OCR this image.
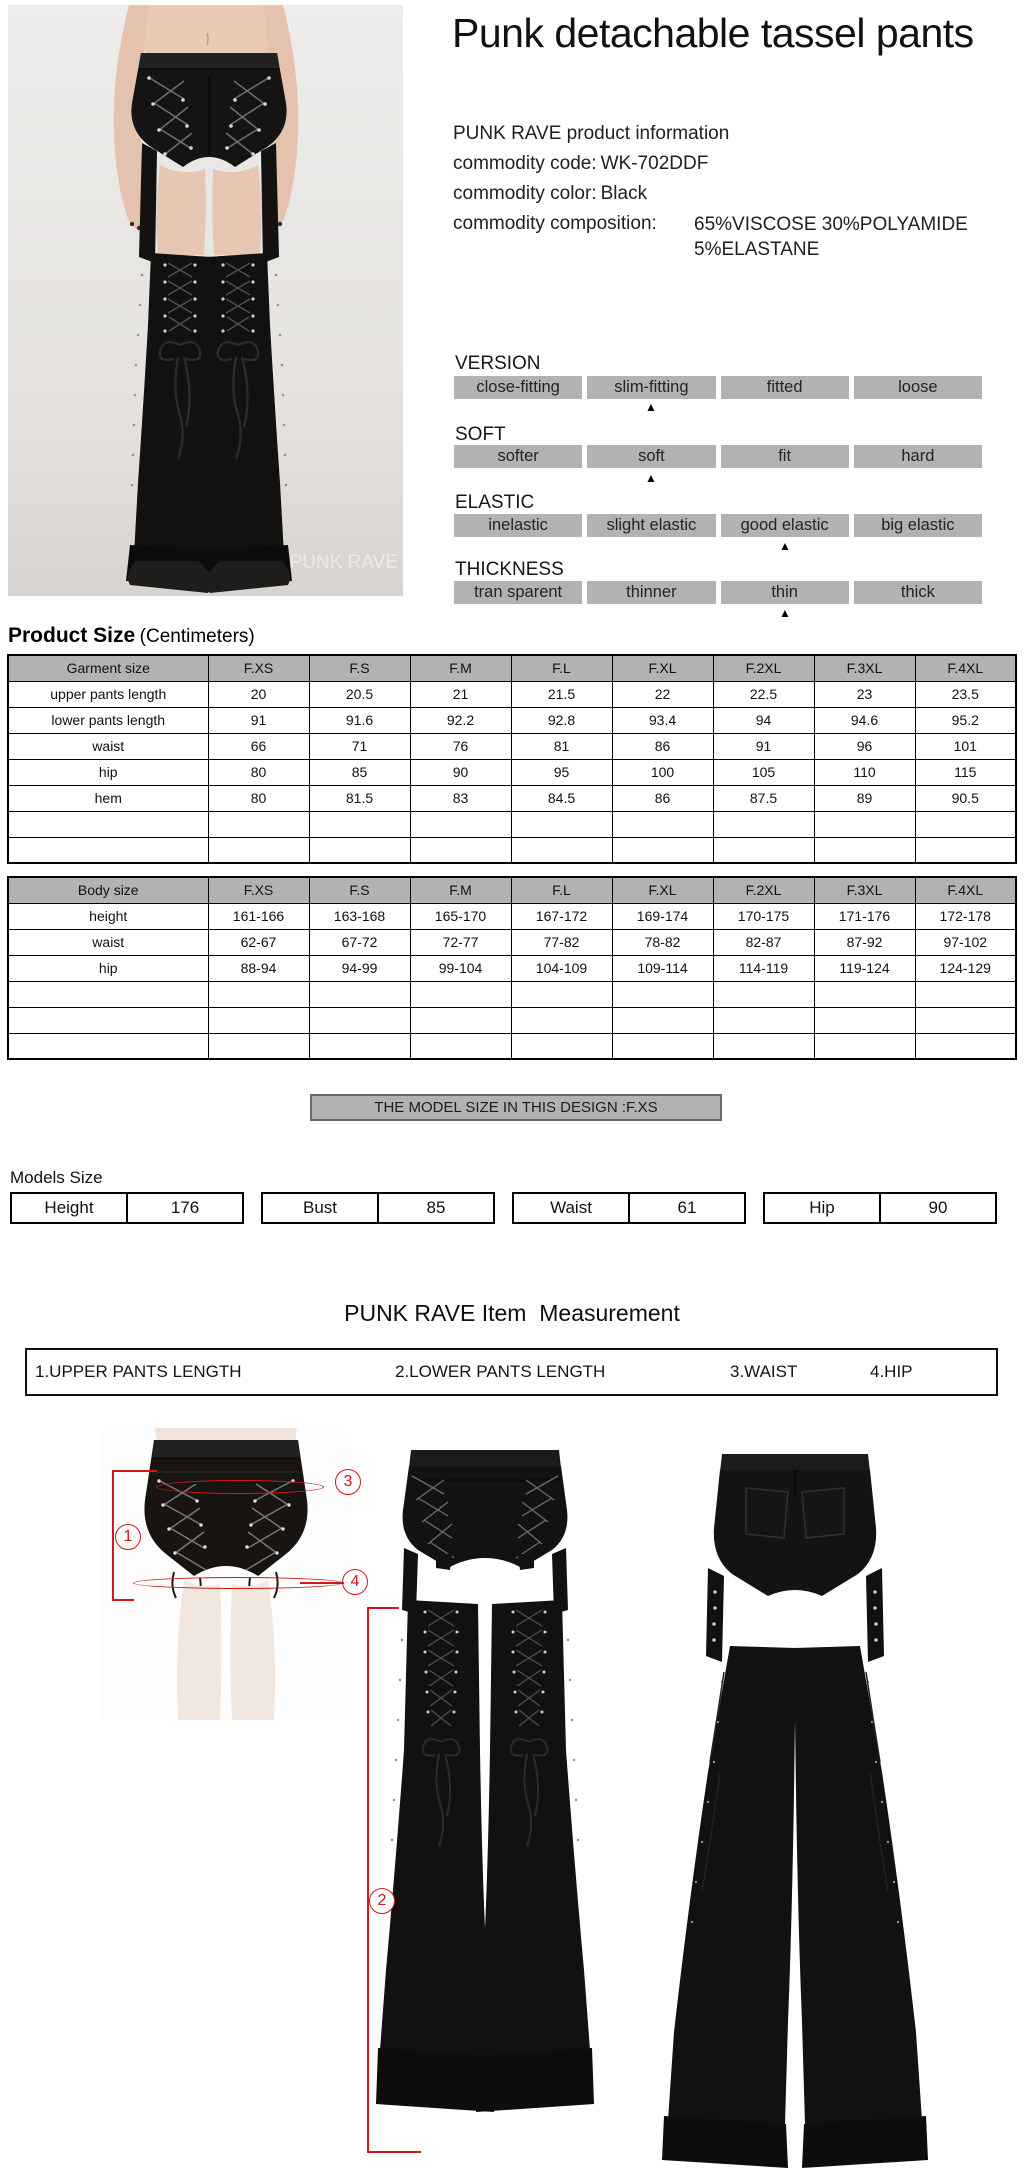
PUNK RAVE
Punk detachable tassel pants
PUNK RAVE product information
commodity code: WK-702DDF
commodity color: Black
commodity composition: 65%VISCOSE 30%POLYAMIDE
5%ELASTANE
VERSION
close-fitting	slim-fitting	fitted	loose
▲
SOFT
softer	soft	fit	hard
▲
ELASTIC
inelastic	slight elastic	good elastic	big elastic
▲
THICKNESS
tran sparent	thinner	thin	thick
▲
Product Size (Centimeters)
Garment size	F.XS	F.S	F.M	F.L	F.XL	F.2XL	F.3XL	F.4XL
upper pants length	20	20.5	21	21.5	22	22.5	23	23.5
lower pants length	91	91.6	92.2	92.8	93.4	94	94.6	95.2
waist	66	71	76	81	86	91	96	101
hip	80	85	90	95	100	105	110	115
hem	80	81.5	83	84.5	86	87.5	89	90.5

Body size	F.XS	F.S	F.M	F.L	F.XL	F.2XL	F.3XL	F.4XL
height	161-166	163-168	165-170	167-172	169-174	170-175	171-176	172-178
waist	62-67	67-72	72-77	77-82	78-82	82-87	87-92	97-102
hip	88-94	94-99	99-104	104-109	109-114	114-119	119-124	124-129

THE MODEL SIZE IN THIS DESIGN :F.XS
Models Size
Height	176	Bust	85	Waist	61	Hip	90
PUNK RAVE Item  Measurement
1.UPPER PANTS LENGTH	2.LOWER PANTS LENGTH	3.WAIST	4.HIP
1
3
4
2
